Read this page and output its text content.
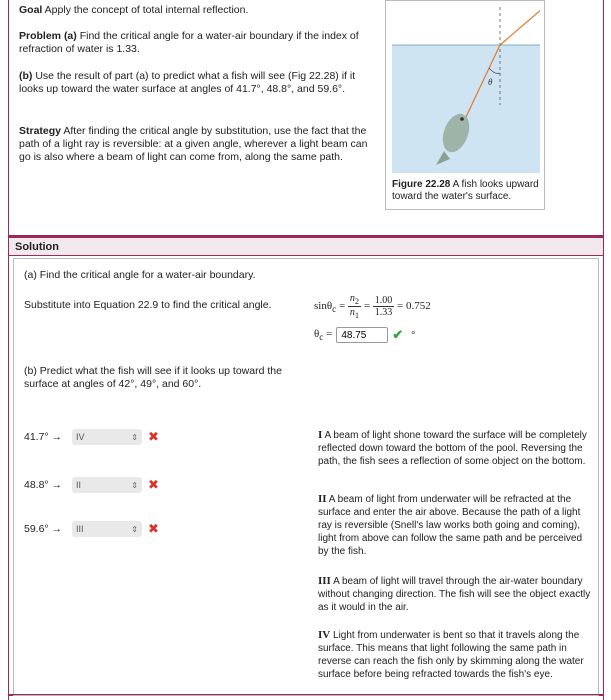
Goal Apply the concept of total internal reflection.
Problem (a) Find the critical angle for a water-air boundary if the index of refraction of water is 1.33.
(b) Use the result of part (a) to predict what a fish will see (Fig 22.28) if it looks up toward the water surface at angles of 41.7°, 48.8°, and 59.6°.
Strategy After finding the critical angle by substitution, use the fact that the path of a light ray is reversible: at a given angle, wherever a light beam can go is also where a beam of light can come from, along the same path.
θ
Figure 22.28 A fish looks upward toward the water's surface.
Solution
(a) Find the critical angle for a water-air boundary.
Substitute into Equation 22.9 to find the critical angle.	$\sin\theta_c = \frac{n_2}{n_1} = \frac{1.00}{1.33} = 0.752$
$\theta_c$ =
48.75	✔ °
(b) Predict what the fish will see if it looks up toward the surface at angles of 42°, 49°, and 60°.
41.7° →	IV	⇕ ✖
48.8° →	II	⇕ ✖
59.6° →	III	⇕ ✖
I A beam of light shone toward the surface will be completely reflected down toward the bottom of the pool. Reversing the path, the fish sees a reflection of some object on the bottom.
II A beam of light from underwater will be refracted at the surface and enter the air above. Because the path of a light ray is reversible (Snell's law works both going and coming), light from above can follow the same path and be perceived by the fish.
III A beam of light will travel through the air-water boundary without changing direction. The fish will see the object exactly as it would in the air.
IV Light from underwater is bent so that it travels along the surface. This means that light following the same path in reverse can reach the fish only by skimming along the water surface before being refracted towards the fish's eye.
